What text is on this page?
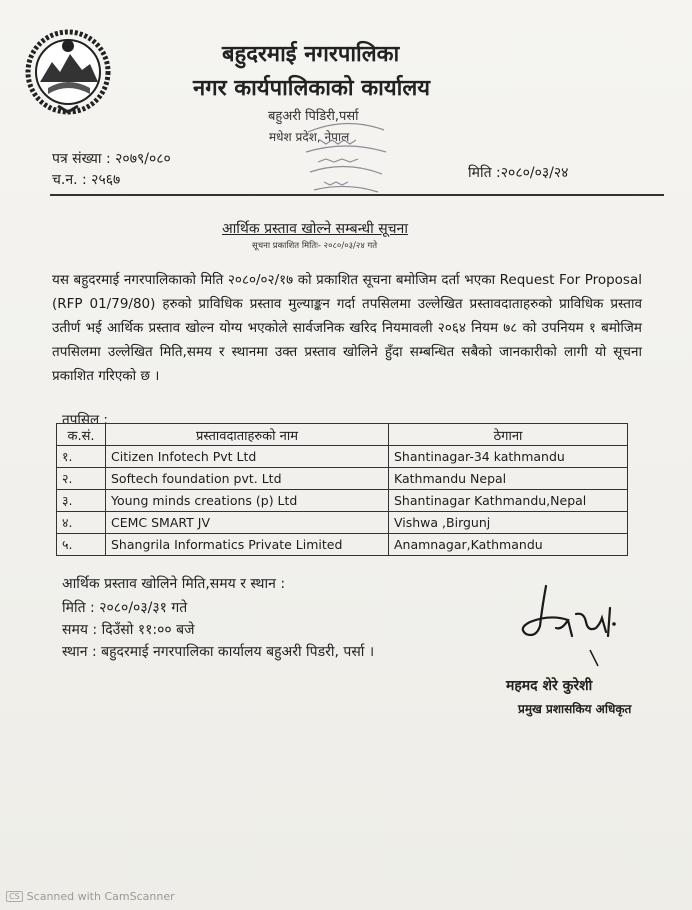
बहुदरमाई नगरपालिका
नगर कार्यपालिकाको कार्यालय
बहुअरी पिडिरी,पर्सा
मधेश प्रदेश, नेपाल
पत्र संख्या : २०७९/०८०
च.न. : २५६७	मिति :२०८०/०३/२४
आर्थिक प्रस्ताव खोल्ने सम्बन्धी सूचना
सूचना प्रकाशित मितिः- २०८०/०३/२४ गते
यस बहुदरमाई नगरपालिकाको मिति २०८०/०२/१७ को प्रकाशित सूचना बमोजिम दर्ता भएका Request For Proposal (RFP 01/79/80) हरुको प्राविधिक प्रस्ताव मुल्याङ्कन गर्दा तपसिलमा उल्लेखित प्रस्तावदाताहरुको प्राविधिक प्रस्ताव उतीर्ण भई आर्थिक प्रस्ताव खोल्न योग्य भएकोले सार्वजनिक खरिद नियमावली २०६४ नियम ७८ को उपनियम १ बमोजिम तपसिलमा उल्लेखित मिति,समय र स्थानमा उक्त प्रस्ताव खोलिने हुँदा सम्बन्धित सबैको जानकारीको लागी यो सूचना प्रकाशित गरिएको छ ।
तपसिल :
क.सं.	प्रस्तावदाताहरुको नाम	ठेगाना
१.	Citizen Infotech Pvt Ltd	Shantinagar-34 kathmandu
२.	Softech foundation pvt. Ltd	Kathmandu Nepal
३.	Young minds creations (p) Ltd	Shantinagar Kathmandu,Nepal
४.	CEMC SMART JV	Vishwa ,Birgunj
५.	Shangrila Informatics Private Limited	Anamnagar,Kathmandu
आर्थिक प्रस्ताव खोलिने मिति,समय र स्थान :
मिति : २०८०/०३/३१ गते
समय : दिउँसो ११:०० बजे
स्थान : बहुदरमाई नगरपालिका कार्यालय बहुअरी पिडरी, पर्सा ।
महमद शेरे कुरेशी
प्रमुख प्रशासकिय अधिकृत
CS Scanned with CamScanner
